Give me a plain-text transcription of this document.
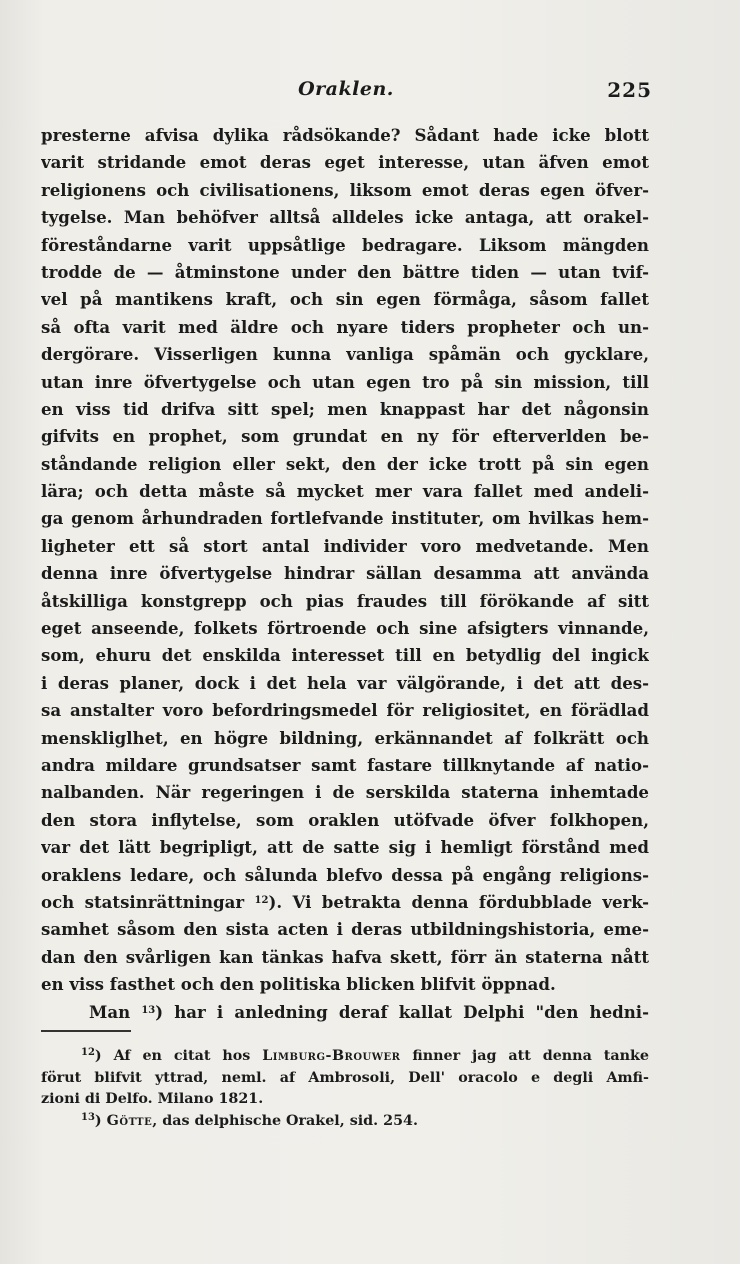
Oraklen.	225
presterne afvisa dylika rådsökande? Sådant hade icke blott
varit stridande emot deras eget interesse, utan äfven emot
religionens och civilisationens, liksom emot deras egen öfver-
tygelse. Man behöfver alltså alldeles icke antaga, att orakel-
föreståndarne varit uppsåtlige bedragare. Liksom mängden
trodde de — åtminstone under den bättre tiden — utan tvif-
vel på mantikens kraft, och sin egen förmåga, såsom fallet
så ofta varit med äldre och nyare tiders propheter och un-
dergörare. Visserligen kunna vanliga spåmän och gycklare,
utan inre öfvertygelse och utan egen tro på sin mission, till
en viss tid drifva sitt spel; men knappast har det någonsin
gifvits en prophet, som grundat en ny för efterverlden be-
ståndande religion eller sekt, den der icke trott på sin egen
lära; och detta måste så mycket mer vara fallet med andeli-
ga genom århundraden fortlefvande instituter, om hvilkas hem-
ligheter ett så stort antal individer voro medvetande. Men
denna inre öfvertygelse hindrar sällan desamma att använda
åtskilliga konstgrepp och pias fraudes till förökande af sitt
eget anseende, folkets förtroende och sine afsigters vinnande,
som, ehuru det enskilda interesset till en betydlig del ingick
i deras planer, dock i det hela var välgörande, i det att des-
sa anstalter voro befordringsmedel för religiositet, en förädlad
menskliglhet, en högre bildning, erkännandet af folkrätt och
andra mildare grundsatser samt fastare tillknytande af natio-
nalbanden. När regeringen i de serskilda staterna inhemtade
den stora inflytelse, som oraklen utöfvade öfver folkhopen,
var det lätt begripligt, att de satte sig i hemligt förstånd med
oraklens ledare, och sålunda blefvo dessa på engång religions-
och statsinrättningar $^{12}$). Vi betrakta denna fördubblade verk-
samhet såsom den sista acten i deras utbildningshistoria, eme-
dan den svårligen kan tänkas hafva skett, förr än staterna nått
en viss fasthet och den politiska blicken blifvit öppnad.
Man $^{13}$) har i anledning deraf kallat Delphi "den hedni-
$^{12}$) Af en citat hos Limburg-Brouwer finner jag att denna tanke
förut blifvit yttrad, neml. af Ambrosoli, Dell' oracolo e degli Amfi-
zioni di Delfo. Milano 1821.
$^{13}$) Götte, das delphische Orakel, sid. 254.
